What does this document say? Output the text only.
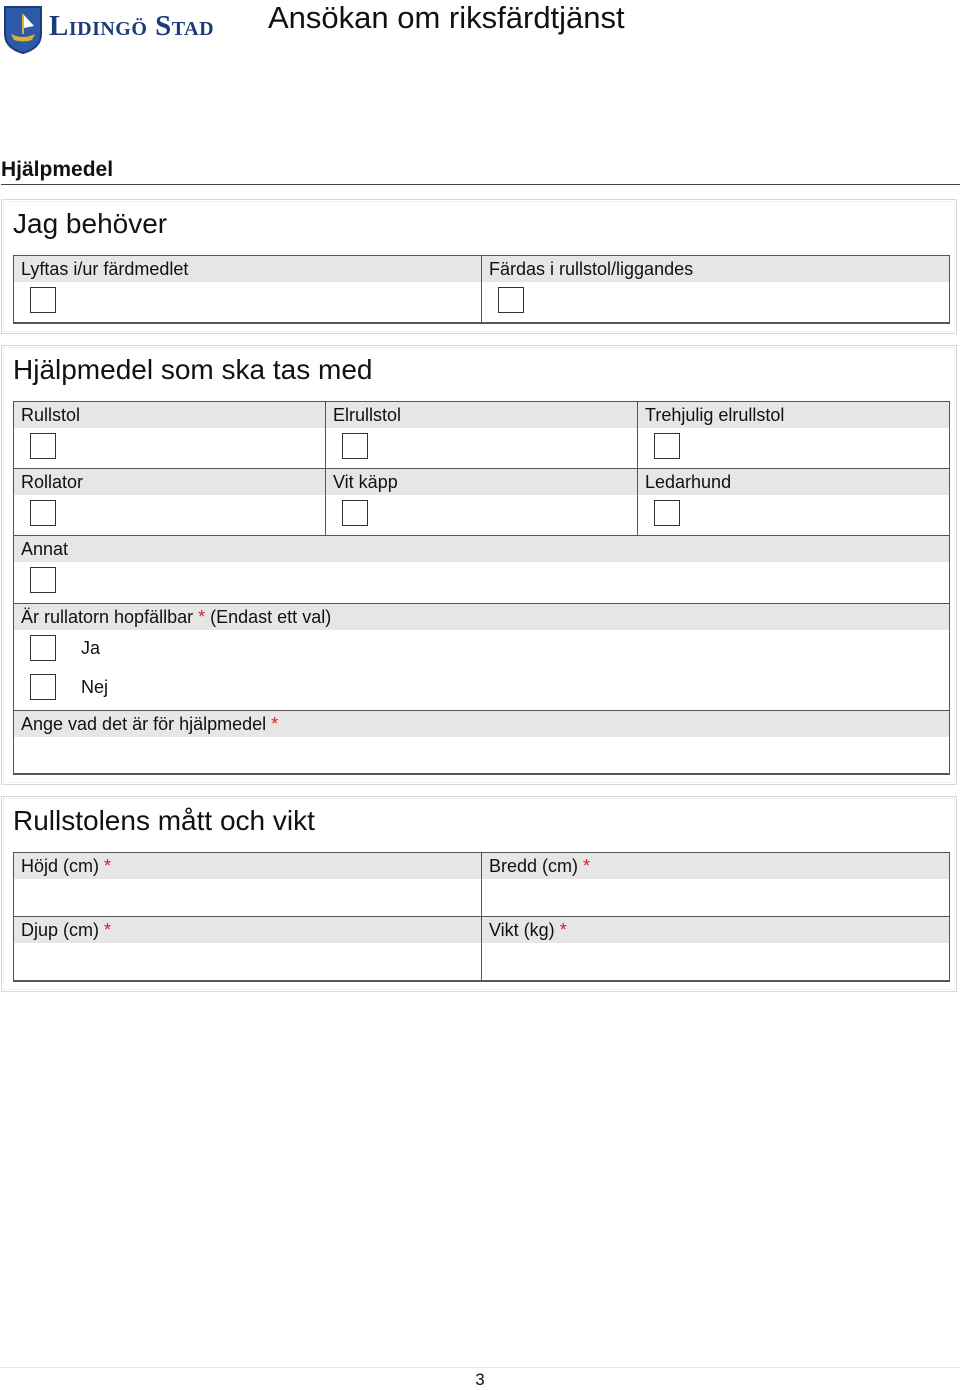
Lidingö Stad Ansökan om riksfärdtjänst
Hjälpmedel
Jag behöver
Lyftas i/ur färdmedlet	Färdas i rullstol/liggandes
Hjälpmedel som ska tas med
Rullstol	Elrullstol	Trehjulig elrullstol
Rollator	Vit käpp	Ledarhund
Annat
Är rullatorn hopfällbar * (Endast ett val)
Ja
Nej
Ange vad det är för hjälpmedel *
Rullstolens mått och vikt
Höjd (cm) *	Bredd (cm) *
Djup (cm) *	Vikt (kg) *
3
